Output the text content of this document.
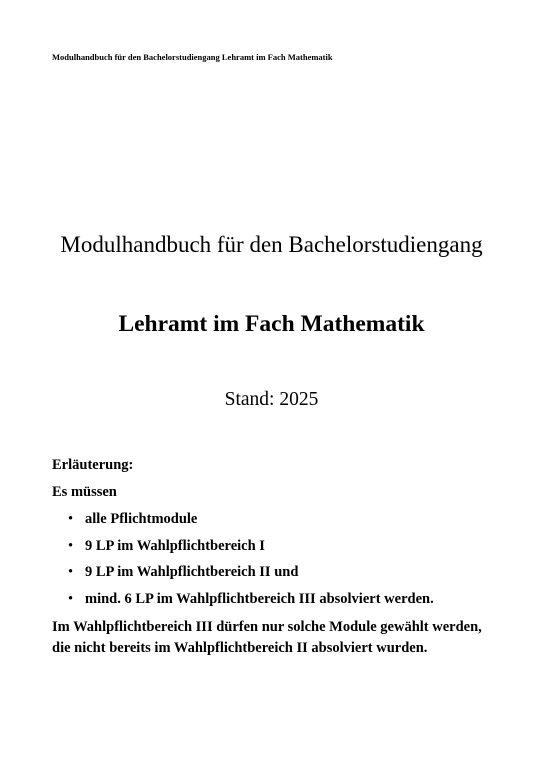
Modulhandbuch für den Bachelorstudiengang Lehramt im Fach Mathematik
Modulhandbuch für den Bachelorstudiengang
Lehramt im Fach Mathematik
Stand: 2025
Erläuterung:
Es müssen
• alle Pflichtmodule
• 9 LP im Wahlpflichtbereich I
• 9 LP im Wahlpflichtbereich II und
• mind. 6 LP im Wahlpflichtbereich III absolviert werden.
Im Wahlpflichtbereich III dürfen nur solche Module gewählt werden,
die nicht bereits im Wahlpflichtbereich II absolviert wurden.
